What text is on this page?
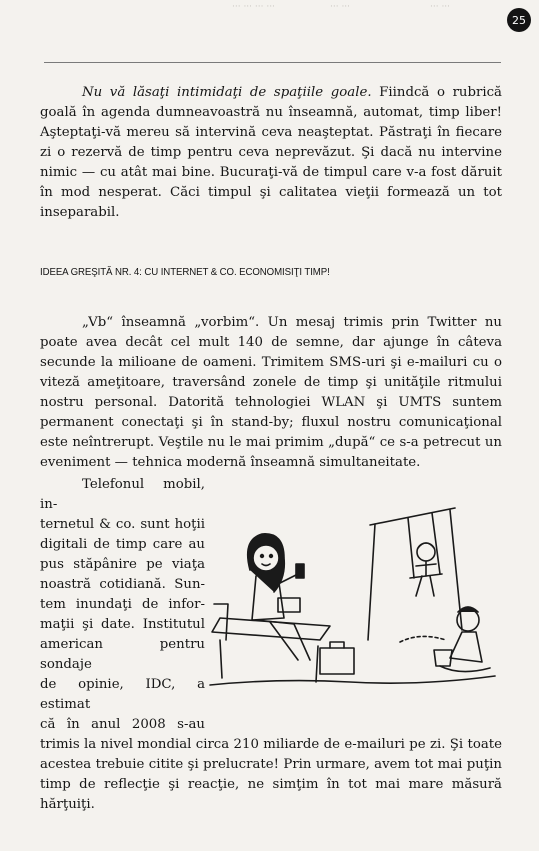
··· ··· ··· ···	··· ···	··· ···
25

Nu vă lăsaţi intimidaţi de spaţiile goale. Fiindcă o rubrică goală în agenda dumneavoastră nu înseamnă, automat, timp liber! Aşteptaţi-vă mereu să intervină ceva neaşteptat. Păstraţi în fiecare zi o rezervă de timp pentru ceva neprevăzut. Şi dacă nu intervine nimic — cu atât mai bine. Bucuraţi-vă de timpul care v-a fost dăruit în mod nesperat. Căci timpul şi calitatea vieţii formează un tot inseparabil.

IDEEA GREŞITĂ NR. 4: CU INTERNET & CO. ECONOMISIŢI TIMP!

„Vb“ înseamnă „vorbim“. Un mesaj trimis prin Twitter nu poate avea decât cel mult 140 de semne, dar ajunge în câteva secunde la milioane de oameni. Trimitem SMS-uri şi e-mailuri cu o viteză ameţitoare, traversând zonele de timp şi unităţile ritmului nostru personal. Datorită tehnologiei WLAN şi UMTS suntem permanent conectaţi şi în stand-by; fluxul nostru comunicaţional este neîntrerupt. Veştile nu le mai primim „după“ ce s-a petrecut un eveniment — tehnica modernă înseamnă simultaneitate.

Telefonul mobil, in-
ternetul & co. sunt hoţii
digitali de timp care au
pus stăpânire pe viaţa
noastră cotidiană. Sun-
tem inundaţi de infor-
maţii şi date. Institutul
american pentru sondaje
de opinie, IDC, a estimat
că în anul 2008 s-au
trimis la nivel mondial circa 210 miliarde de e-mailuri pe zi. Şi toate acestea trebuie citite şi prelucrate! Prin urmare, avem tot mai puţin timp de reflecţie şi reacţie, ne simţim în tot mai mare măsură hărţuiţi.
